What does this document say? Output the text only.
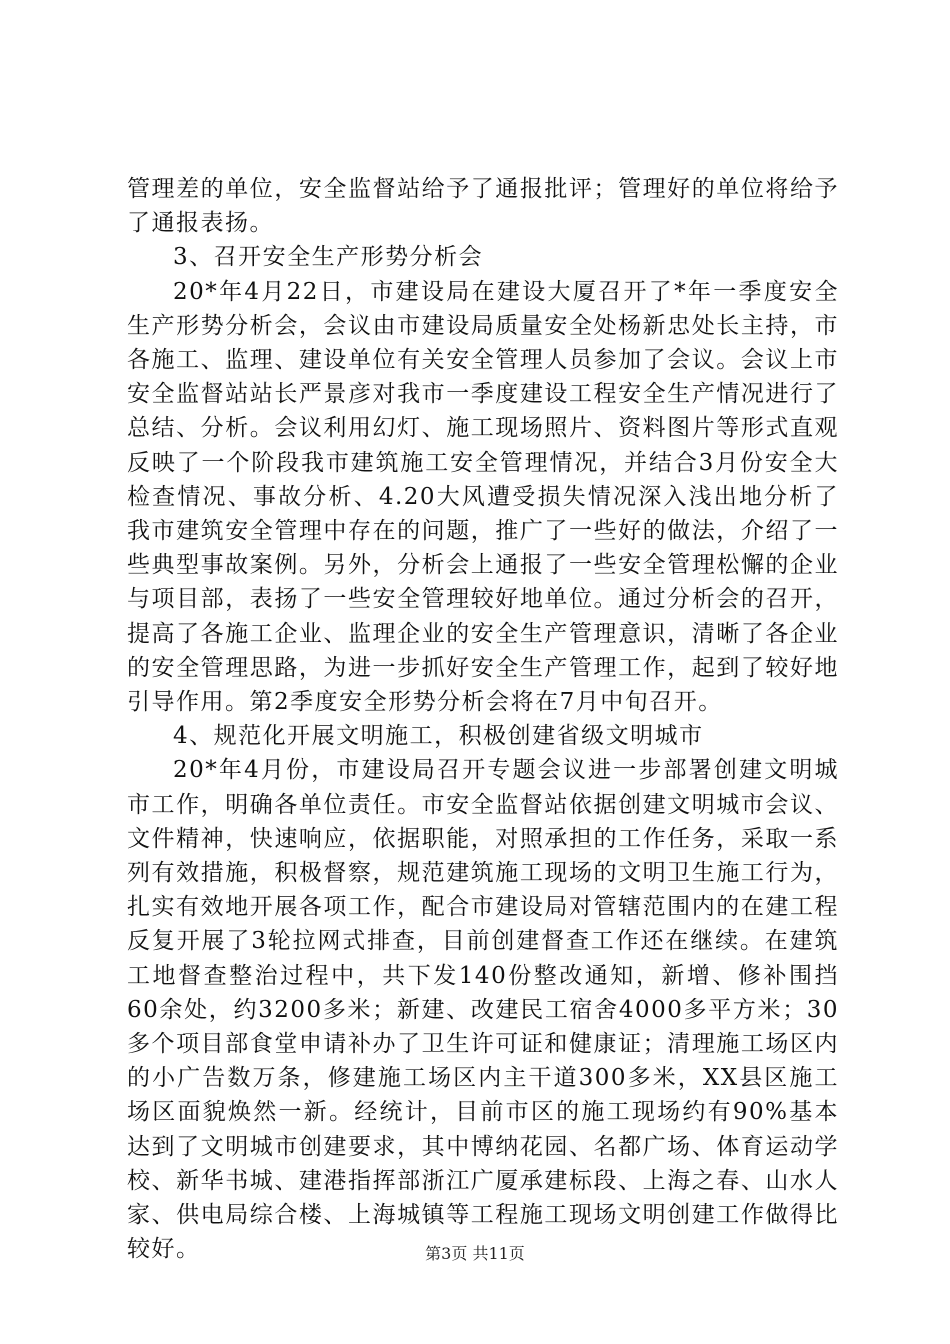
管理差的单位，安全监督站给予了通报批评；管理好的单位将给予了通报表扬。

3、召开安全生产形势分析会

20*年4月22日，市建设局在建设大厦召开了*年一季度安全生产形势分析会，会议由市建设局质量安全处杨新忠处长主持，市各施工、监理、建设单位有关安全管理人员参加了会议。会议上市安全监督站站长严景彦对我市一季度建设工程安全生产情况进行了总结、分析。会议利用幻灯、施工现场照片、资料图片等形式直观反映了一个阶段我市建筑施工安全管理情况，并结合3月份安全大检查情况、事故分析、4.20大风遭受损失情况深入浅出地分析了我市建筑安全管理中存在的问题，推广了一些好的做法，介绍了一些典型事故案例。另外，分析会上通报了一些安全管理松懈的企业与项目部，表扬了一些安全管理较好地单位。通过分析会的召开，提高了各施工企业、监理企业的安全生产管理意识，清晰了各企业的安全管理思路，为进一步抓好安全生产管理工作，起到了较好地引导作用。第2季度安全形势分析会将在7月中旬召开。

4、规范化开展文明施工，积极创建省级文明城市

20*年4月份，市建设局召开专题会议进一步部署创建文明城市工作，明确各单位责任。市安全监督站依据创建文明城市会议、文件精神，快速响应，依据职能，对照承担的工作任务，采取一系列有效措施，积极督察，规范建筑施工现场的文明卫生施工行为，扎实有效地开展各项工作，配合市建设局对管辖范围内的在建工程反复开展了3轮拉网式排查，目前创建督查工作还在继续。在建筑工地督查整治过程中，共下发140份整改通知，新增、修补围挡60余处，约3200多米；新建、改建民工宿舍4000多平方米；30多个项目部食堂申请补办了卫生许可证和健康证；清理施工场区内的小广告数万条，修建施工场区内主干道300多米，XX县区施工场区面貌焕然一新。经统计，目前市区的施工现场约有90%基本达到了文明城市创建要求，其中博纳花园、名都广场、体育运动学校、新华书城、建港指挥部浙江广厦承建标段、上海之春、山水人家、供电局综合楼、上海城镇等工程施工现场文明创建工作做得比较好。	第3页 共11页
